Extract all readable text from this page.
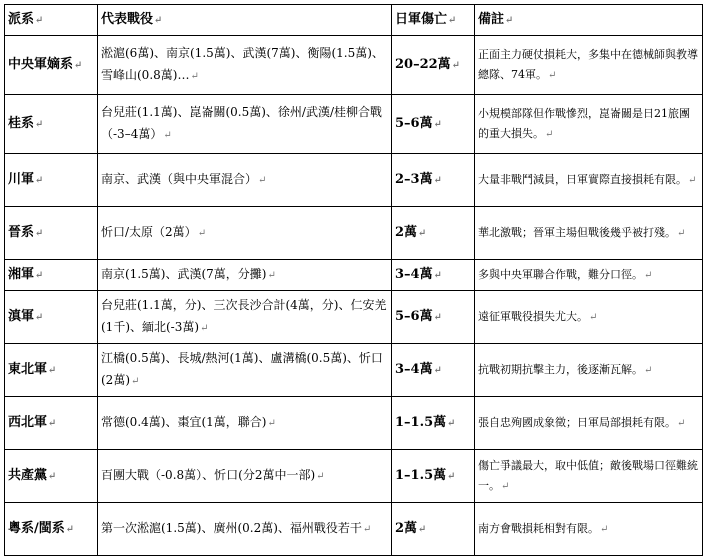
派系↵	代表戰役↵	日軍傷亡↵	備註↵
中央軍嫡系↵	淞滬(6萬)、南京(1.5萬)、武漢(7萬)、衡陽(1.5萬)、雪峰山(0.8萬)…↵	20–22萬↵	正面主力硬仗損耗大，多集中在德械師與教導總隊、74軍。↵
桂系↵	台兒莊(1.1萬)、崑崙關(0.5萬)、徐州/武漢/桂柳合戰（-3–4萬）↵	5–6萬↵	小規模部隊但作戰慘烈，崑崙關是日21旅團的重大損失。↵
川軍↵	南京、武漢（與中央軍混合）↵	2–3萬↵	大量非戰鬥減員，日軍實際直接損耗有限。↵
晉系↵	忻口/太原（2萬）↵	2萬↵	華北激戰；晉軍主場但戰後幾乎被打殘。↵
湘軍↵	南京(1.5萬)、武漢(7萬，分攤)↵	3–4萬↵	多與中央軍聯合作戰，難分口徑。↵
滇軍↵	台兒莊(1.1萬，分)、三次長沙合計(4萬，分)、仁安羌(1千)、緬北(-3萬)↵	5–6萬↵	遠征軍戰役損失尤大。↵
東北軍↵	江橋(0.5萬)、長城/熱河(1萬)、盧溝橋(0.5萬)、忻口(2萬)↵	3–4萬↵	抗戰初期抗擊主力，後逐漸瓦解。↵
西北軍↵	常德(0.4萬)、棗宜(1萬，聯合)↵	1–1.5萬↵	張自忠殉國成象徵；日軍局部損耗有限。↵
共產黨↵	百團大戰（-0.8萬）、忻口(分2萬中一部)↵	1–1.5萬↵	傷亡爭議最大，取中低值；敵後戰場口徑難統一。↵
粵系/閩系↵	第一次淞滬(1.5萬)、廣州(0.2萬)、福州戰役若干↵	2萬↵	南方會戰損耗相對有限。↵
